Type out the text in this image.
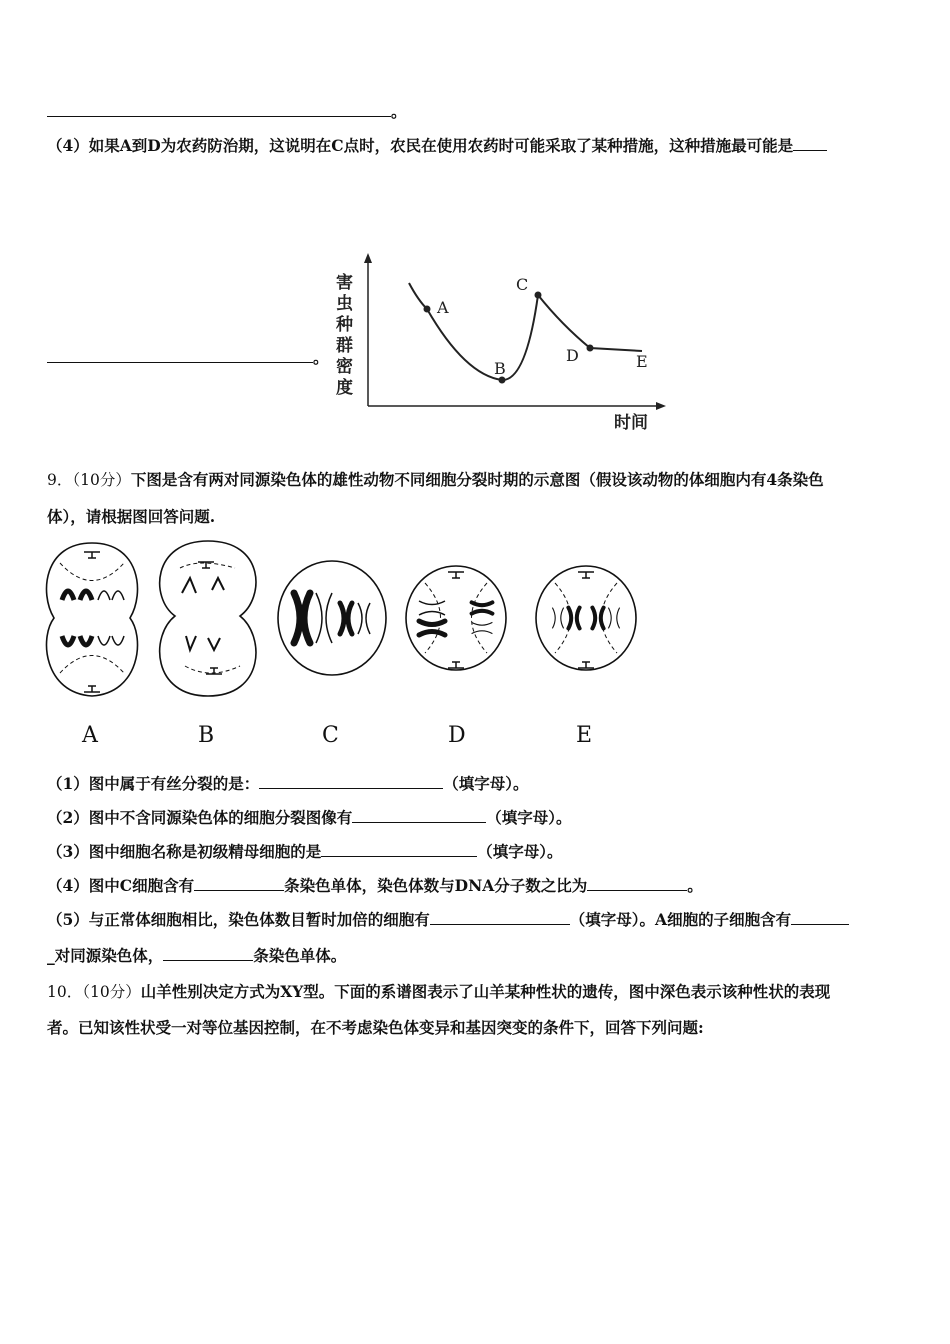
。
（4）如果A到D为农药防治期，这说明在C点时，农民在使用农药时可能采取了某种措施，这种措施最可能是
。
害
虫
种
群
密
度
时间
A
B
C
D	E
9．（10分）下图是含有两对同源染色体的雄性动物不同细胞分裂时期的示意图（假设该动物的体细胞内有4条染色
体），请根据图回答问题.
A	B	C	D	E
（1）图中属于有丝分裂的是：	（填字母）。
（2）图中不含同源染色体的细胞分裂图像有	（填字母）。
（3）图中细胞名称是初级精母细胞的是	（填字母）。
（4）图中C细胞含有	条染色单体，染色体数与DNA分子数之比为	。
（5）与正常体细胞相比，染色体数目暂时加倍的细胞有	（填字母）。A细胞的子细胞含有
_对同源染色体，	条染色单体。
10．（10分）山羊性别决定方式为XY型。下面的系谱图表示了山羊某种性状的遗传，图中深色表示该种性状的表现
者。已知该性状受一对等位基因控制，在不考虑染色体变异和基因突变的条件下，回答下列问题:
